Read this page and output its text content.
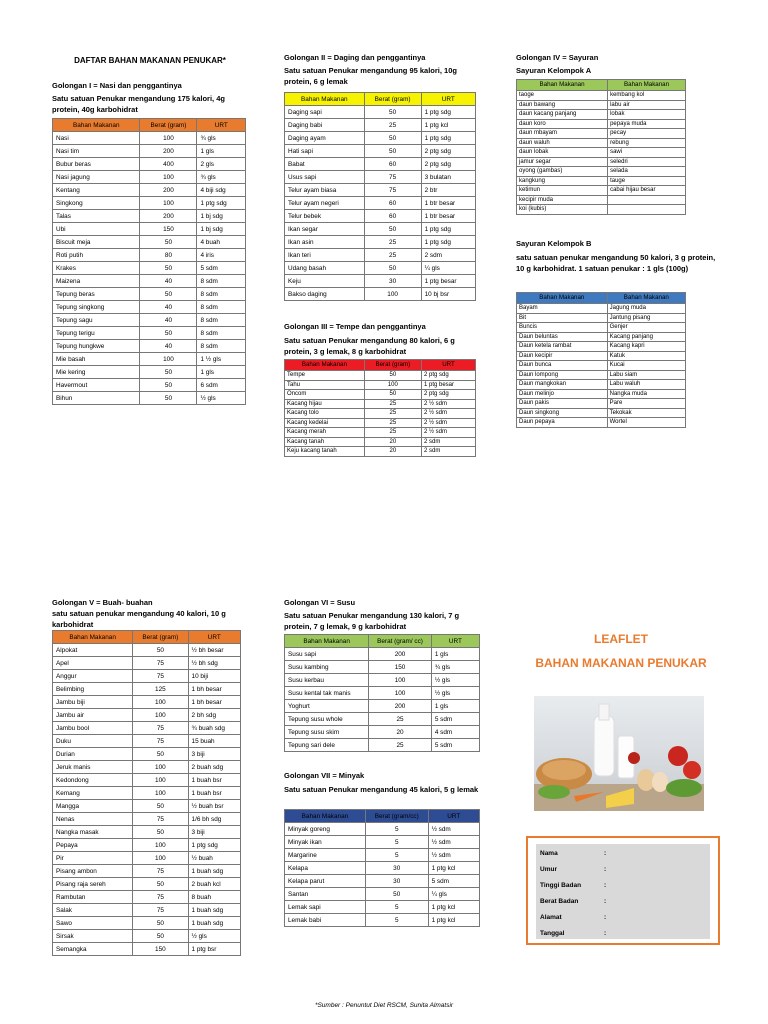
DAFTAR BAHAN MAKANAN PENUKAR*
Golongan I = Nasi dan penggantinya
Satu satuan Penukar mengandung 175 kalori, 4g protein, 40g karbohidrat
Bahan Makanan	Berat (gram)	URT
Nasi	100	¾ gls
Nasi tim	200	1 gls
Bubur beras	400	2 gls
Nasi jagung	100	¾ gls
Kentang	200	4 biji sdg
Singkong	100	1 ptg sdg
Talas	200	1 bj sdg
Ubi	150	1 bj sdg
Biscuit meja	50	4 buah
Roti putih	80	4 iris
Krakes	50	5 sdm
Maizena	40	8 sdm
Tepung beras	50	8 sdm
Tepung singkong	40	8 sdm
Tepung sagu	40	8 sdm
Tepung terigu	50	8 sdm
Tepung hungkwe	40	8 sdm
Mie basah	100	1 ½ gls
Mie kering	50	1 gls
Havermout	50	6 sdm
Bihun	50	½ gls
Golongan II = Daging dan penggantinya
Satu satuan Penukar mengandung 95 kalori, 10g protein, 6 g lemak
Bahan Makanan	Berat (gram)	URT
Daging sapi	50	1 ptg sdg
Daging babi	25	1 ptg kcl
Daging ayam	50	1 ptg sdg
Hati sapi	50	2 ptg sdg
Babat	60	2 ptg sdg
Usus sapi	75	3 bulatan
Telur ayam biasa	75	2 btr
Telur ayam negeri	60	1 btr besar
Telur bebek	60	1 btr besar
Ikan segar	50	1 ptg sdg
Ikan asin	25	1 ptg sdg
Ikan teri	25	2 sdm
Udang basah	50	¼ gls
Keju	30	1 ptg besar
Bakso daging	100	10 bj bsr
Golongan III = Tempe dan penggantinya
Satu satuan Penukar mengandung 80 kalori, 6 g protein, 3 g lemak, 8 g karbohidrat
Bahan Makanan	Berat (gram)	URT
Tempe	50	2 ptg sdg
Tahu	100	1 ptg besar
Oncom	50	2 ptg sdg
Kacang hijau	25	2 ½ sdm
Kacang tolo	25	2 ½ sdm
Kacang kedelai	25	2 ½ sdm
Kacang merah	25	2 ½ sdm
Kacang tanah	20	2 sdm
Keju kacang tanah	20	2 sdm
Golongan IV = Sayuran
Sayuran Kelompok A
Bahan Makanan	Bahan Makanan
taoge	kembang kol
daun bawang	labu air
daun kacang panjang	lobak
daun koro	pepaya muda
daun mbayam	pecay
daun waluh	rebung
daun lobak	sawi
jamur segar	seledri
oyong (gambas)	selada
kangkung	tauge
ketimun	cabai hijau besar
kecipir muda	
koi (kubis)	
Sayuran Kelompok B
satu satuan penukar mengandung 50 kalori, 3 g protein, 10 g karbohidrat. 1 satuan penukar : 1 gls (100g)
Bahan Makanan	Bahan Makanan
Bayam	Jagung muda
Bit	Jantung pisang
Buncis	Genjer
Daun beluntas	Kacang panjang
Daun ketela rambat	Kacang kapri
Daun kecipir	Katuk
Daun bunca	Kucai
Daun lompong	Labu siam
Daun mangkokan	Labu waluh
Daun melinjo	Nangka muda
Daun pakis	Pare
Daun singkong	Tekokak
Daun pepaya	Wortel
Golongan V = Buah- buahan
satu satuan penukar mengandung 40 kalori, 10 g karbohidrat
Bahan Makanan	Berat (gram)	URT
Alpokat	50	½ bh besar
Apel	75	½ bh sdg
Anggur	75	10 biji
Belimbing	125	1 bh besar
Jambu biji	100	1 bh besar
Jambu air	100	2 bh sdg
Jambu bool	75	¾ buah sdg
Duku	75	15 buah
Durian	50	3 biji
Jeruk manis	100	2 buah sdg
Kedondong	100	1 buah bsr
Kemang	100	1 buah bsr
Mangga	50	½ buah bsr
Nenas	75	1/6 bh sdg
Nangka masak	50	3 biji
Pepaya	100	1 ptg sdg
Pir	100	½ buah
Pisang ambon	75	1 buah sdg
Pisang raja sereh	50	2 buah kcl
Rambutan	75	8 buah
Salak	75	1 buah sdg
Sawo	50	1 buah sdg
Sirsak	50	½ gls
Semangka	150	1 ptg bsr
Golongan VI = Susu
Satu satuan Penukar mengandung 130 kalori, 7 g protein, 7 g lemak, 9 g karbohidrat
Bahan Makanan	Berat (gram/ cc)	URT
Susu sapi	200	1 gls
Susu kambing	150	¾ gls
Susu kerbau	100	½ gls
Susu kental tak manis	100	½ gls
Yoghurt	200	1 gls
Tepung susu whole	25	5 sdm
Tepung susu skim	20	4 sdm
Tepung sari dele	25	5 sdm
Golongan VII = Minyak
Satu satuan Penukar mengandung 45 kalori, 5 g lemak
Bahan Makanan	Berat (gram/cc)	URT
Minyak goreng	5	½ sdm
Minyak ikan	5	½ sdm
Margarine	5	½ sdm
Kelapa	30	1 ptg kcl
Kelapa parut	30	5 sdm
Santan	50	¼ gls
Lemak sapi	5	1 ptg kcl
Lemak babi	5	1 ptg kcl
LEAFLET
BAHAN MAKANAN PENUKAR
Nama	:
Umur	:
Tinggi Badan	:
Berat Badan	:
Alamat	:
Tanggal	:
*Sumber : Penuntut Diet RSCM, Sunita Almatsir
